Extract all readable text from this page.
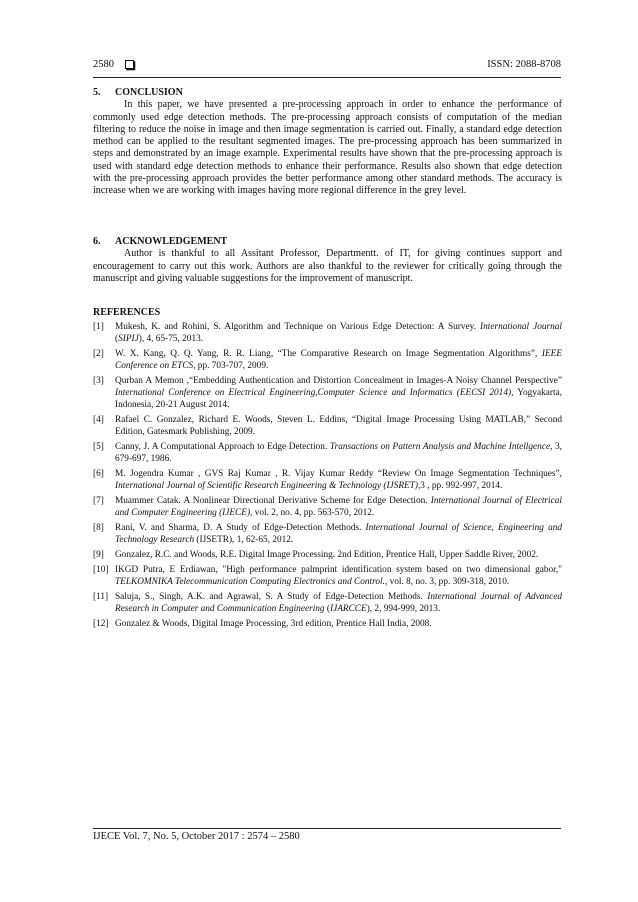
2580	ISSN: 2088-8708

5. CONCLUSION

In this paper, we have presented a pre-processing approach in order to enhance the performance of commonly used edge detection methods. The pre-processing approach consists of computation of the median filtering to reduce the noise in image and then image segmentation is carried out. Finally, a standard edge detection method can be applied to the resultant segmented images. The pre-processing approach has been summarized in steps and demonstrated by an image example. Experimental results have shown that the pre-processing approach is used with standard edge detection methods to enhance their performance. Results also shown that edge detection with the pre-processing approach provides the better performance among other standard methods. The accuracy is increase when we are working with images having more regional difference in the grey level.

6. ACKNOWLEDGEMENT

Author is thankful to all Assitant Professor, Departmentt. of IT, for giving continues support and encouragement to carry out this work. Authors are also thankful to the reviewer for critically going through the manuscript and giving valuable suggestions for the improvement of manuscript.

REFERENCES

[1] Mukesh, K. and Rohini, S. Algorithm and Technique on Various Edge Detection: A Survey. International Journal (SIPIJ), 4, 65-75, 2013.
[2] W. X. Kang, Q. Q. Yang, R. R. Liang, “The Comparative Research on Image Segmentation Algorithms”, IEEE Conference on ETCS, pp. 703-707, 2009.
[3] Qurban A Memon ,“Embedding Authentication and Distortion Concealment in Images-A Noisy Channel Perspective” International Conference on Electrical Engineering,Computer Science and Informatics (EECSI 2014), Yogyakarta, Indonesia, 20-21 August 2014.
[4] Rafael C. Gonzalez, Richard E. Woods, Steven L. Eddins, “Digital Image Processing Using MATLAB,” Second Edition, Gatesmark Publishing, 2009.
[5] Canny, J. A Computational Approach to Edge Detection. Transactions on Pattern Analysis and Machine Intellgence, 3, 679-697, 1986.
[6] M. Jogendra Kumar , GVS Raj Kumar , R. Vijay Kumar Reddy “Review On Image Segmentation Techniques”, International Journal of Scientific Research Engineering & Technology (IJSRET),3 , pp. 992-997, 2014.
[7] Muammer Catak. A Nonlinear Directional Derivative Scheme for Edge Detection. International Journal of Electrical and Computer Engineering (IJECE), vol. 2, no. 4, pp. 563-570, 2012.
[8] Rani, V. and Sharma, D. A Study of Edge-Detection Methods. International Journal of Science, Engineering and Technology Research (IJSETR), 1, 62-65, 2012.
[9] Gonzalez, R.C. and Woods, R.E. Digital Image Processing. 2nd Edition, Prentice Hall, Upper Saddle River, 2002.
[10] IKGD Putra, E Erdiawan, "High performance palmprint identification system based on two dimensional gabor," TELKOMNIKA Telecommunication Computing Electronics and Control., vol. 8, no. 3, pp. 309-318, 2010.
[11] Saluja, S., Singh, A.K. and Agrawal, S. A Study of Edge-Detection Methods. International Journal of Advanced Research in Computer and Communication Engineering (IJARCCE), 2, 994-999, 2013.
[12] Gonzalez & Woods, Digital Image Processing, 3rd edition, Prentice Hall India, 2008.
IJECE Vol. 7, No. 5, October 2017 : 2574 – 2580
